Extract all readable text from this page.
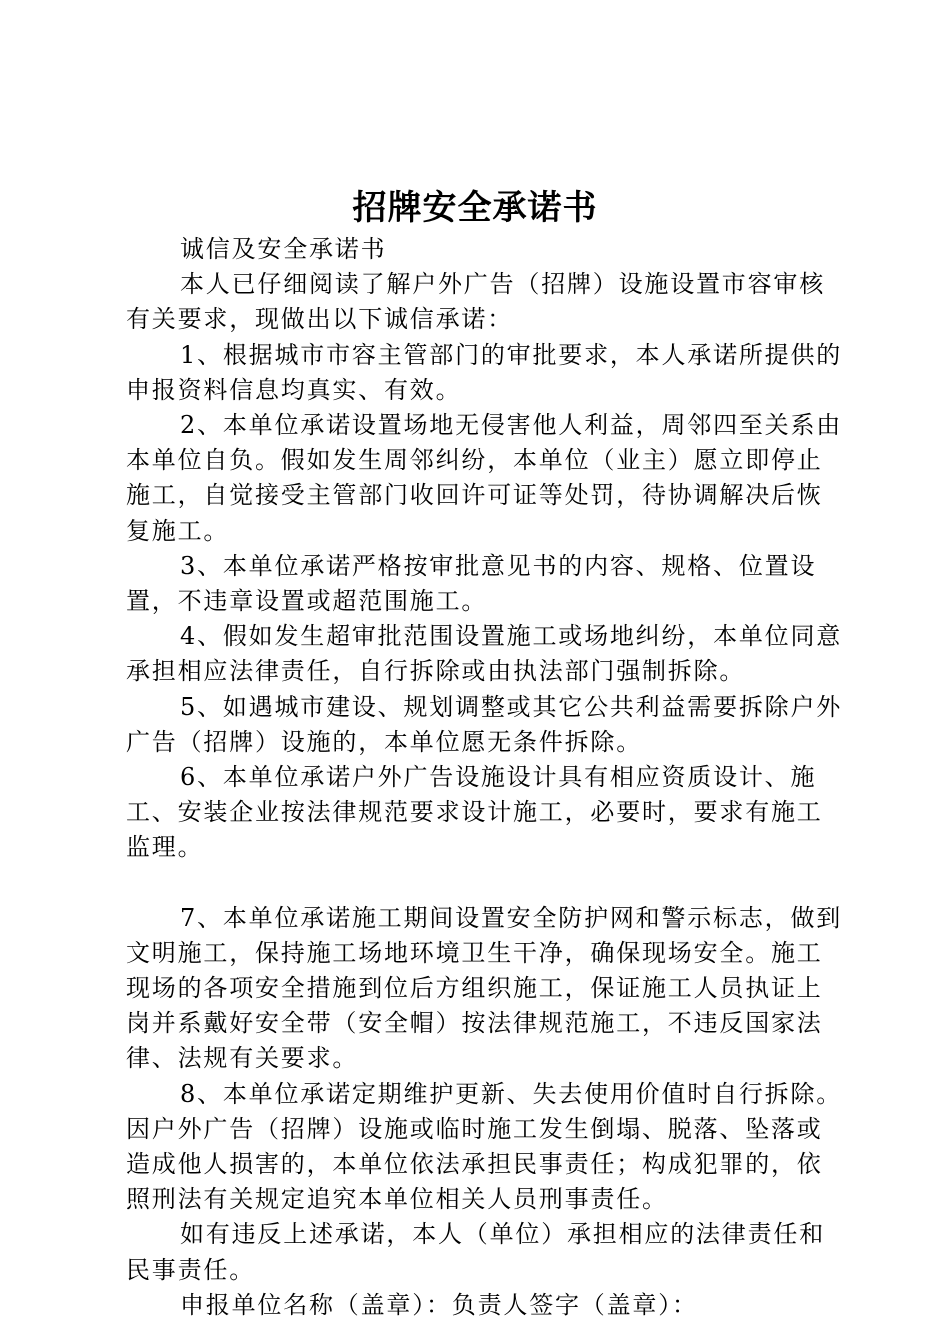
招牌安全承诺书

诚信及安全承诺书

本人已仔细阅读了解户外广告（招牌）设施设置市容审核有关要求，现做出以下诚信承诺：

1、根据城市市容主管部门的审批要求，本人承诺所提供的申报资料信息均真实、有效。

2、本单位承诺设置场地无侵害他人利益，周邻四至关系由本单位自负。假如发生周邻纠纷，本单位（业主）愿立即停止施工，自觉接受主管部门收回许可证等处罚，待协调解决后恢复施工。

3、本单位承诺严格按审批意见书的内容、规格、位置设置，不违章设置或超范围施工。

4、假如发生超审批范围设置施工或场地纠纷，本单位同意承担相应法律责任，自行拆除或由执法部门强制拆除。

5、如遇城市建设、规划调整或其它公共利益需要拆除户外广告（招牌）设施的，本单位愿无条件拆除。

6、本单位承诺户外广告设施设计具有相应资质设计、施工、安装企业按法律规范要求设计施工，必要时，要求有施工监理。

7、本单位承诺施工期间设置安全防护网和警示标志，做到文明施工，保持施工场地环境卫生干净，确保现场安全。施工现场的各项安全措施到位后方组织施工，保证施工人员执证上岗并系戴好安全带（安全帽）按法律规范施工，不违反国家法律、法规有关要求。

8、本单位承诺定期维护更新、失去使用价值时自行拆除。因户外广告（招牌）设施或临时施工发生倒塌、脱落、坠落或造成他人损害的，本单位依法承担民事责任；构成犯罪的，依照刑法有关规定追究本单位相关人员刑事责任。

如有违反上述承诺，本人（单位）承担相应的法律责任和民事责任。

申报单位名称（盖章）：负责人签字（盖章）：
